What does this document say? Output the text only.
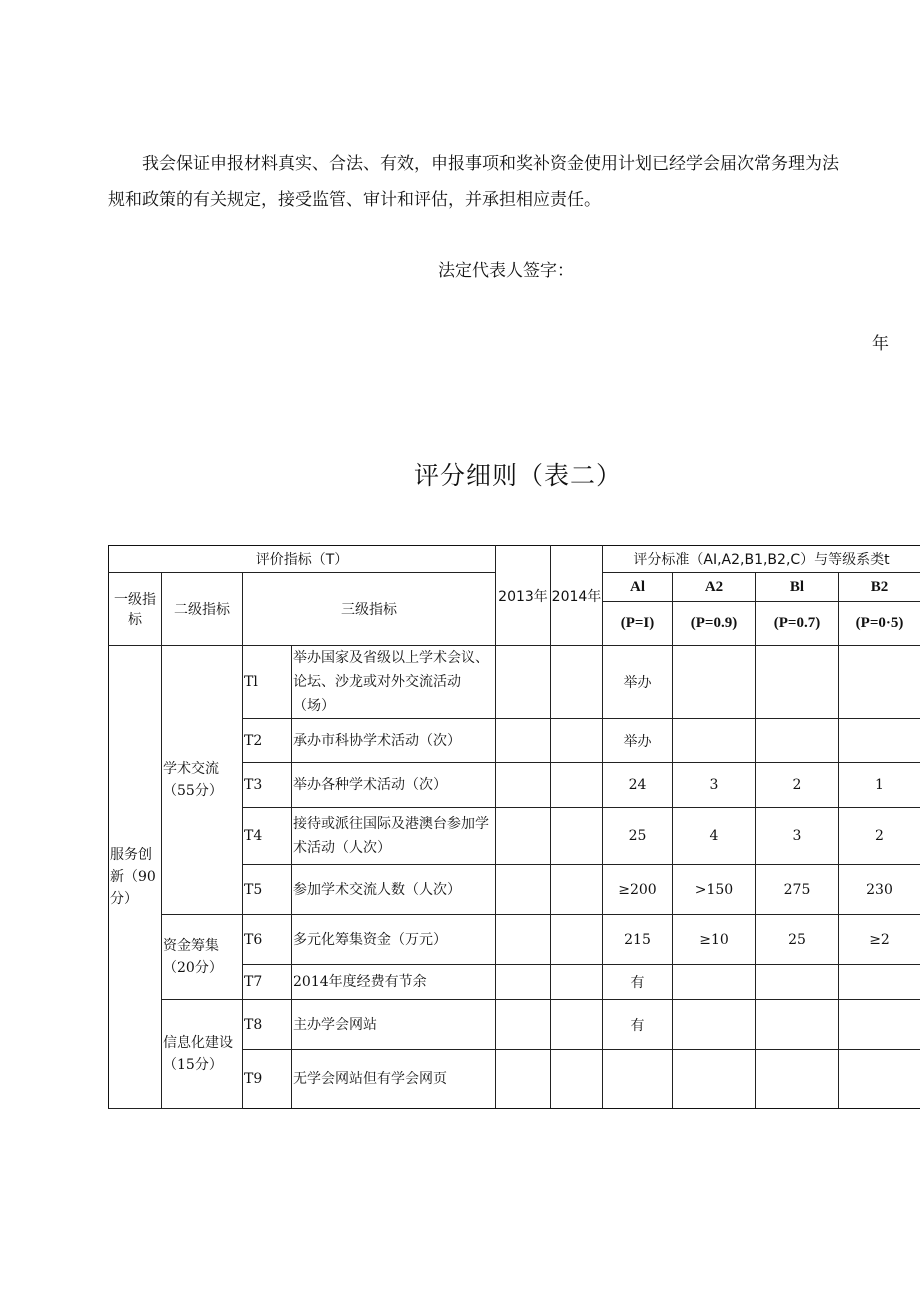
我会保证申报材料真实、合法、有效，申报事项和奖补资金使用计划已经学会届次常务理为法
规和政策的有关规定，接受监管、审计和评估，并承担相应责任。

法定代表人签字：
年
评分细则（表二）
评价指标（T）				2013年	2014年	评分标准（AI,A2,B1,B2,C）与等级系类t			
一级指标	二级指标	三级指标				Al	A2	Bl	B2
						(P=I)	(P=0.9)	(P=0.7)	(P=0·5)
服务创新（90分）	学术交流（55分）	Tl	举办国家及省级以上学术会议、论坛、沙龙或对外交流活动（场）			举办			
		T2	承办市科协学术活动（次）			举办			
		T3	举办各种学术活动（次）			24	3	2	1
		T4	接待或派往国际及港澳台参加学术活动（人次）			25	4	3	2
		T5	参加学术交流人数（人次）			≥200	>150	275	230
	资金筹集（20分）	T6	多元化筹集资金（万元）			215	≥10	25	≥2
		T7	2014年度经费有节余			有			
	信息化建设（15分）	T8	主办学会网站			有			
		T9	无学会网站但有学会网页						
